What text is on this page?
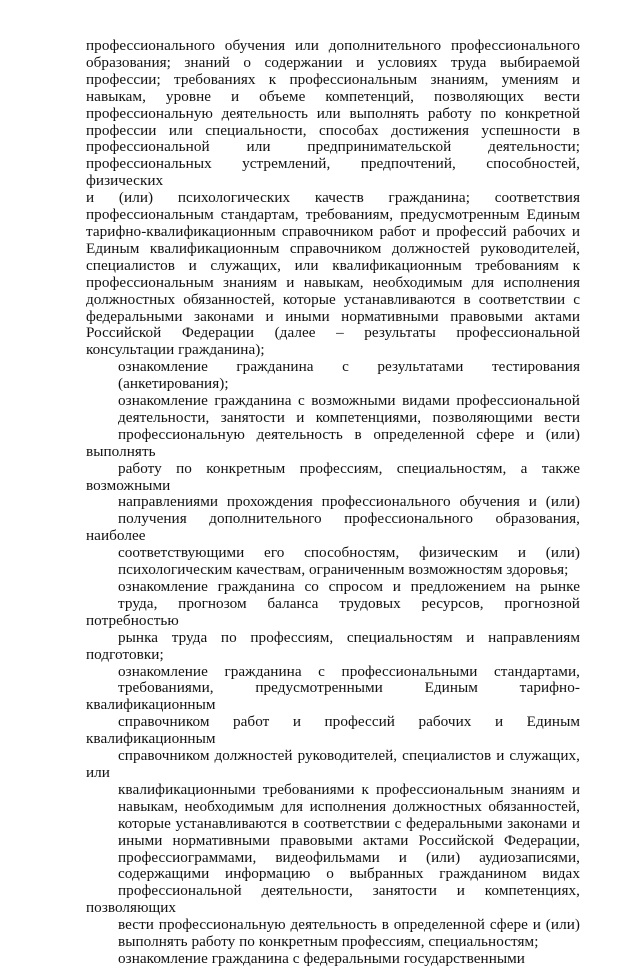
профессионального обучения или дополнительного профессионального
образования; знаний о содержании и условиях труда выбираемой
профессии; требованиях к профессиональным знаниям, умениям и
навыкам, уровне и объеме компетенций, позволяющих вести
профессиональную деятельность или выполнять работу по конкретной
профессии или специальности, способах достижения успешности в
профессиональной или предпринимательской деятельности;
профессиональных устремлений, предпочтений, способностей, физических
и (или) психологических качеств гражданина; соответствия
профессиональным стандартам, требованиям, предусмотренным Единым
тарифно-квалификационным справочником работ и профессий рабочих и
Единым квалификационным справочником должностей руководителей,
специалистов и служащих, или квалификационным требованиям к
профессиональным знаниям и навыкам, необходимым для исполнения
должностных обязанностей, которые устанавливаются в соответствии с
федеральными законами и иными нормативными правовыми актами
Российской Федерации (далее – результаты профессиональной
консультации гражданина);

ознакомление гражданина с результатами тестирования
(анкетирования);

ознакомление гражданина с возможными видами профессиональной
деятельности, занятости и компетенциями, позволяющими вести
профессиональную деятельность в определенной сфере и (или) выполнять
работу по конкретным профессиям, специальностям, а также возможными
направлениями прохождения профессионального обучения и (или)
получения дополнительного профессионального образования, наиболее
соответствующими его способностям, физическим и (или)
психологическим качествам, ограниченным возможностям здоровья;

ознакомление гражданина со спросом и предложением на рынке
труда, прогнозом баланса трудовых ресурсов, прогнозной потребностью
рынка труда по профессиям, специальностям и направлениям подготовки;

ознакомление гражданина с профессиональными стандартами,
требованиями, предусмотренными Единым тарифно-квалификационным
справочником работ и профессий рабочих и Единым квалификационным
справочником должностей руководителей, специалистов и служащих, или
квалификационными требованиями к профессиональным знаниям и
навыкам, необходимым для исполнения должностных обязанностей,
которые устанавливаются в соответствии с федеральными законами и
иными нормативными правовыми актами Российской Федерации,
профессиограммами, видеофильмами и (или) аудиозаписями,
содержащими информацию о выбранных гражданином видах
профессиональной деятельности, занятости и компетенциях, позволяющих
вести профессиональную деятельность в определенной сфере и (или)
выполнять работу по конкретным профессиям, специальностям;

ознакомление гражданина с федеральными государственными
